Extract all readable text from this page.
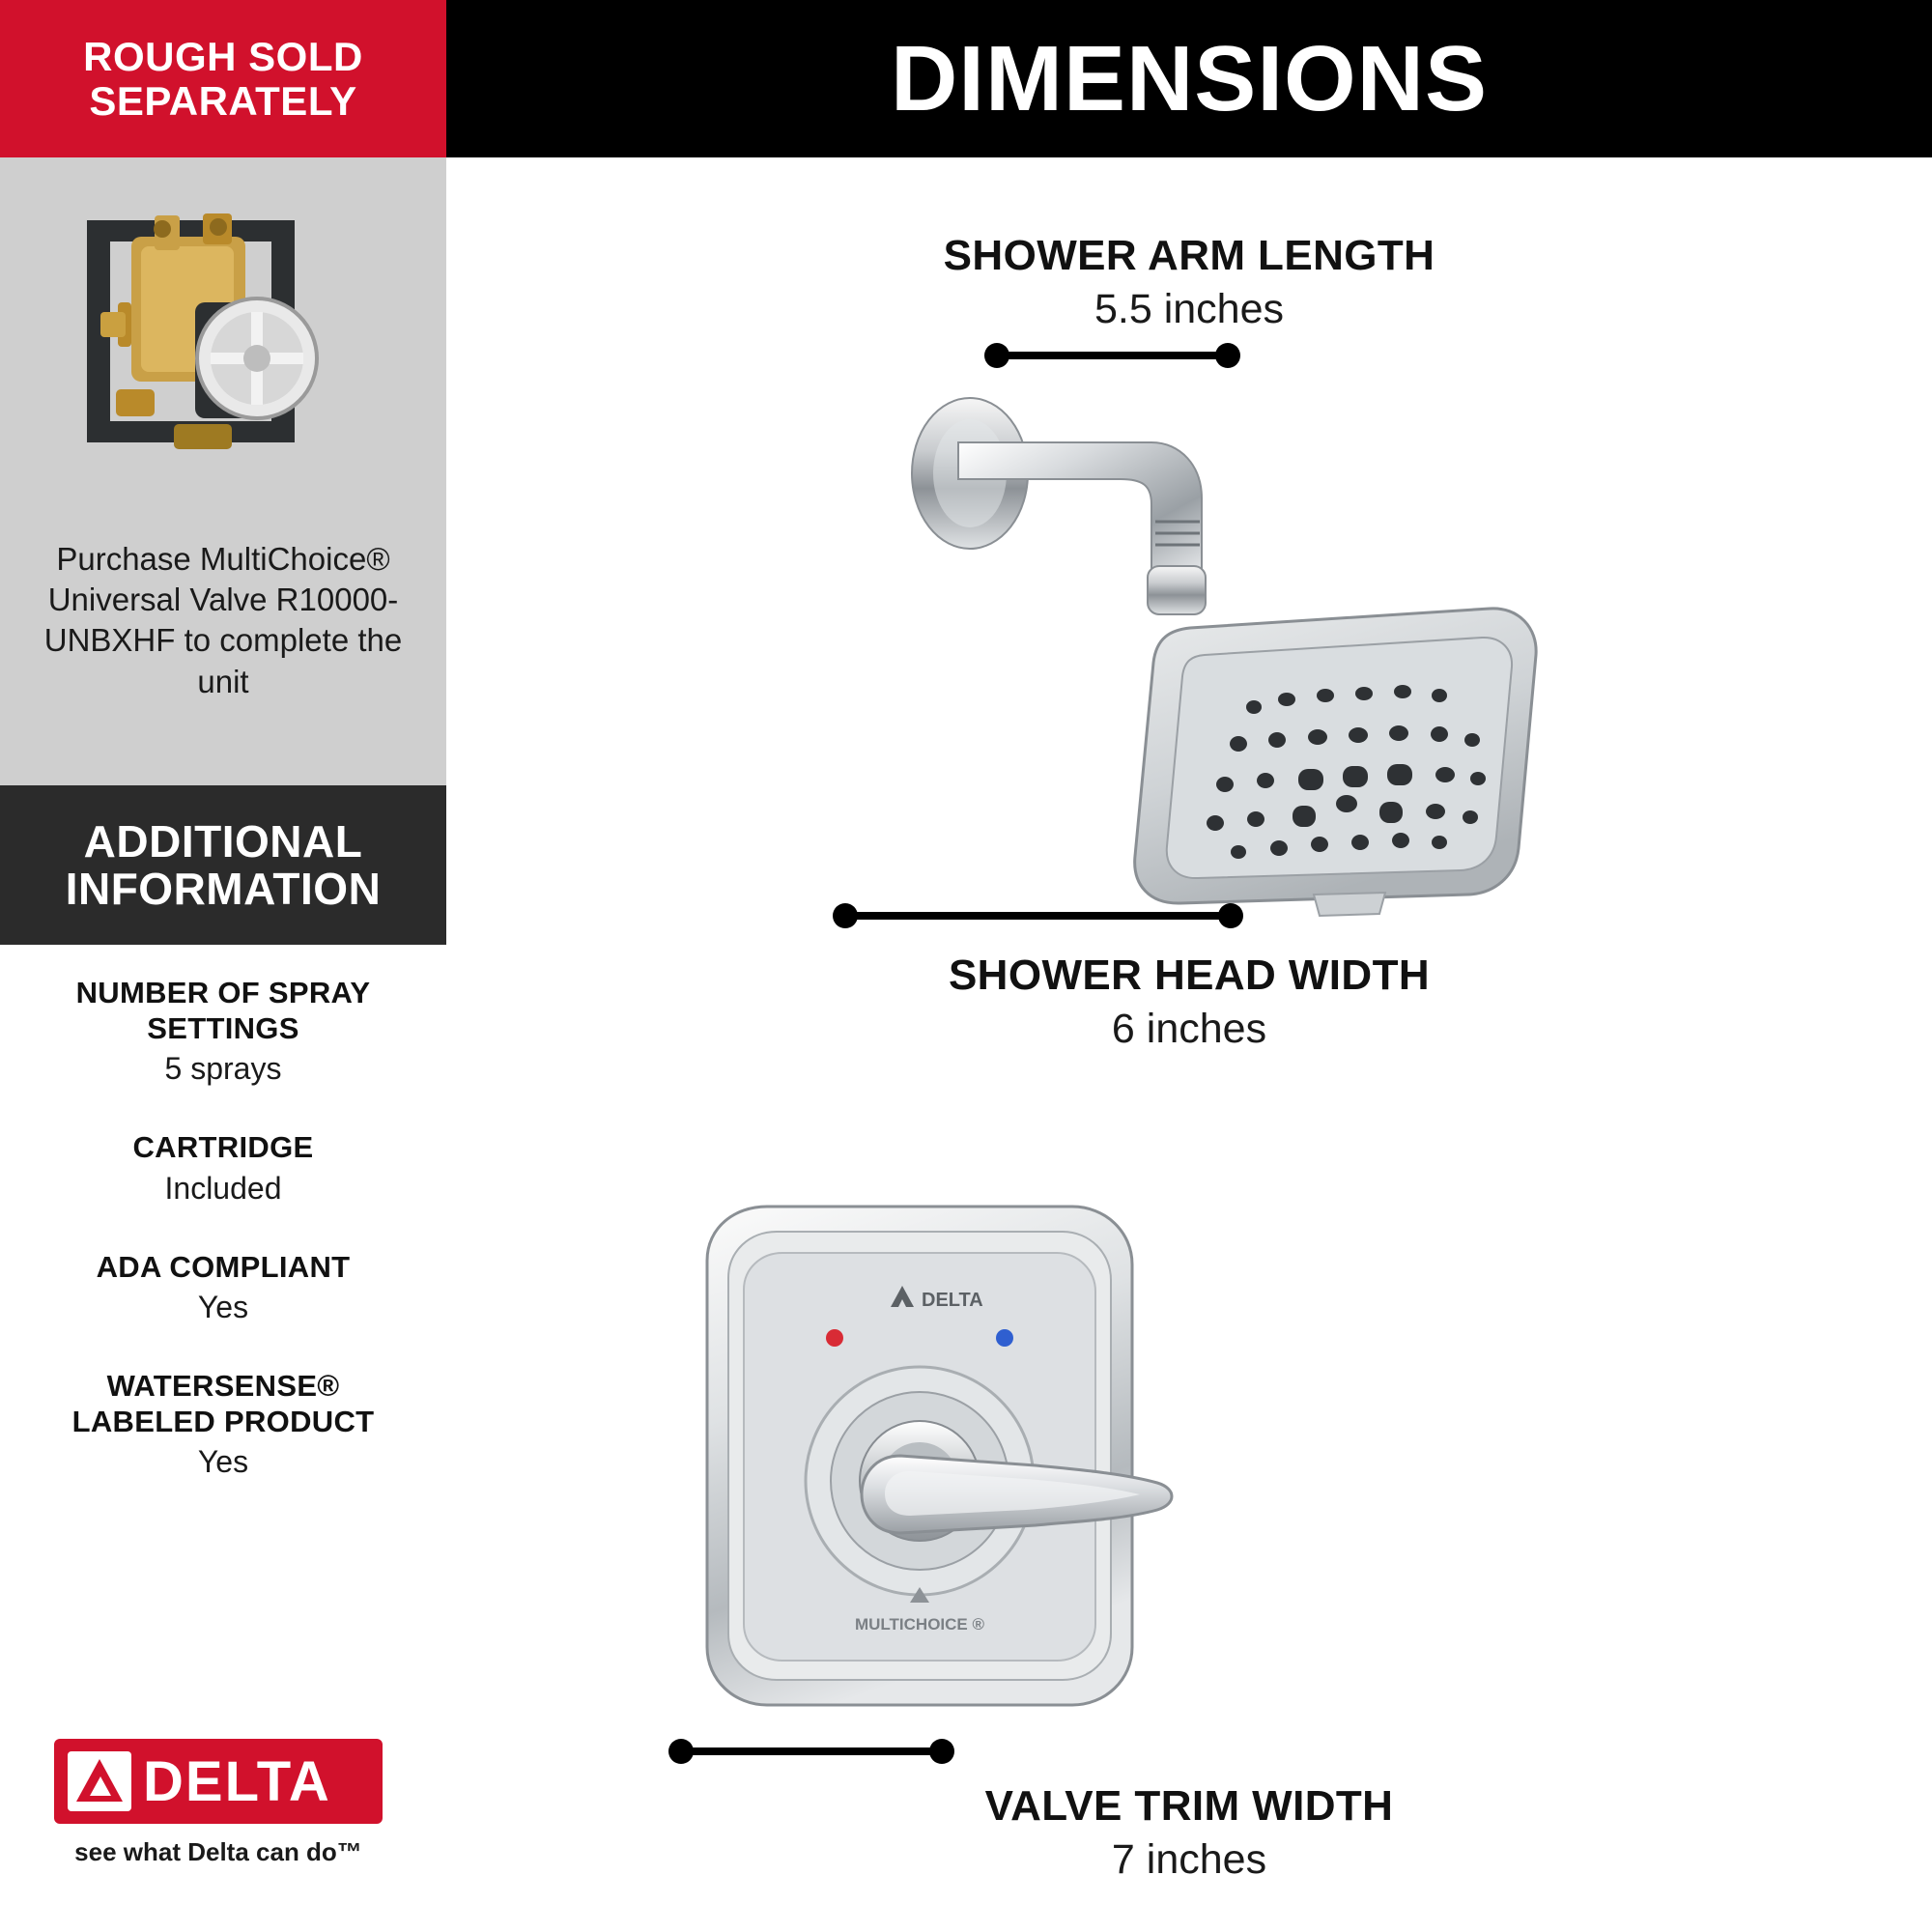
ROUGH SOLD
SEPARATELY
Purchase MultiChoice® Universal Valve R10000-UNBXHF to complete the unit
ADDITIONAL
INFORMATION
NUMBER OF SPRAY
SETTINGS
5 sprays
CARTRIDGE
Included
ADA COMPLIANT
Yes
WATERSENSE®
LABELED PRODUCT
Yes
DELTA
see what Delta can do™
DIMENSIONS
SHOWER ARM LENGTH
5.5 inches
SHOWER HEAD WIDTH
6 inches
DELTA
MULTICHOICE ®
VALVE TRIM WIDTH
7 inches
